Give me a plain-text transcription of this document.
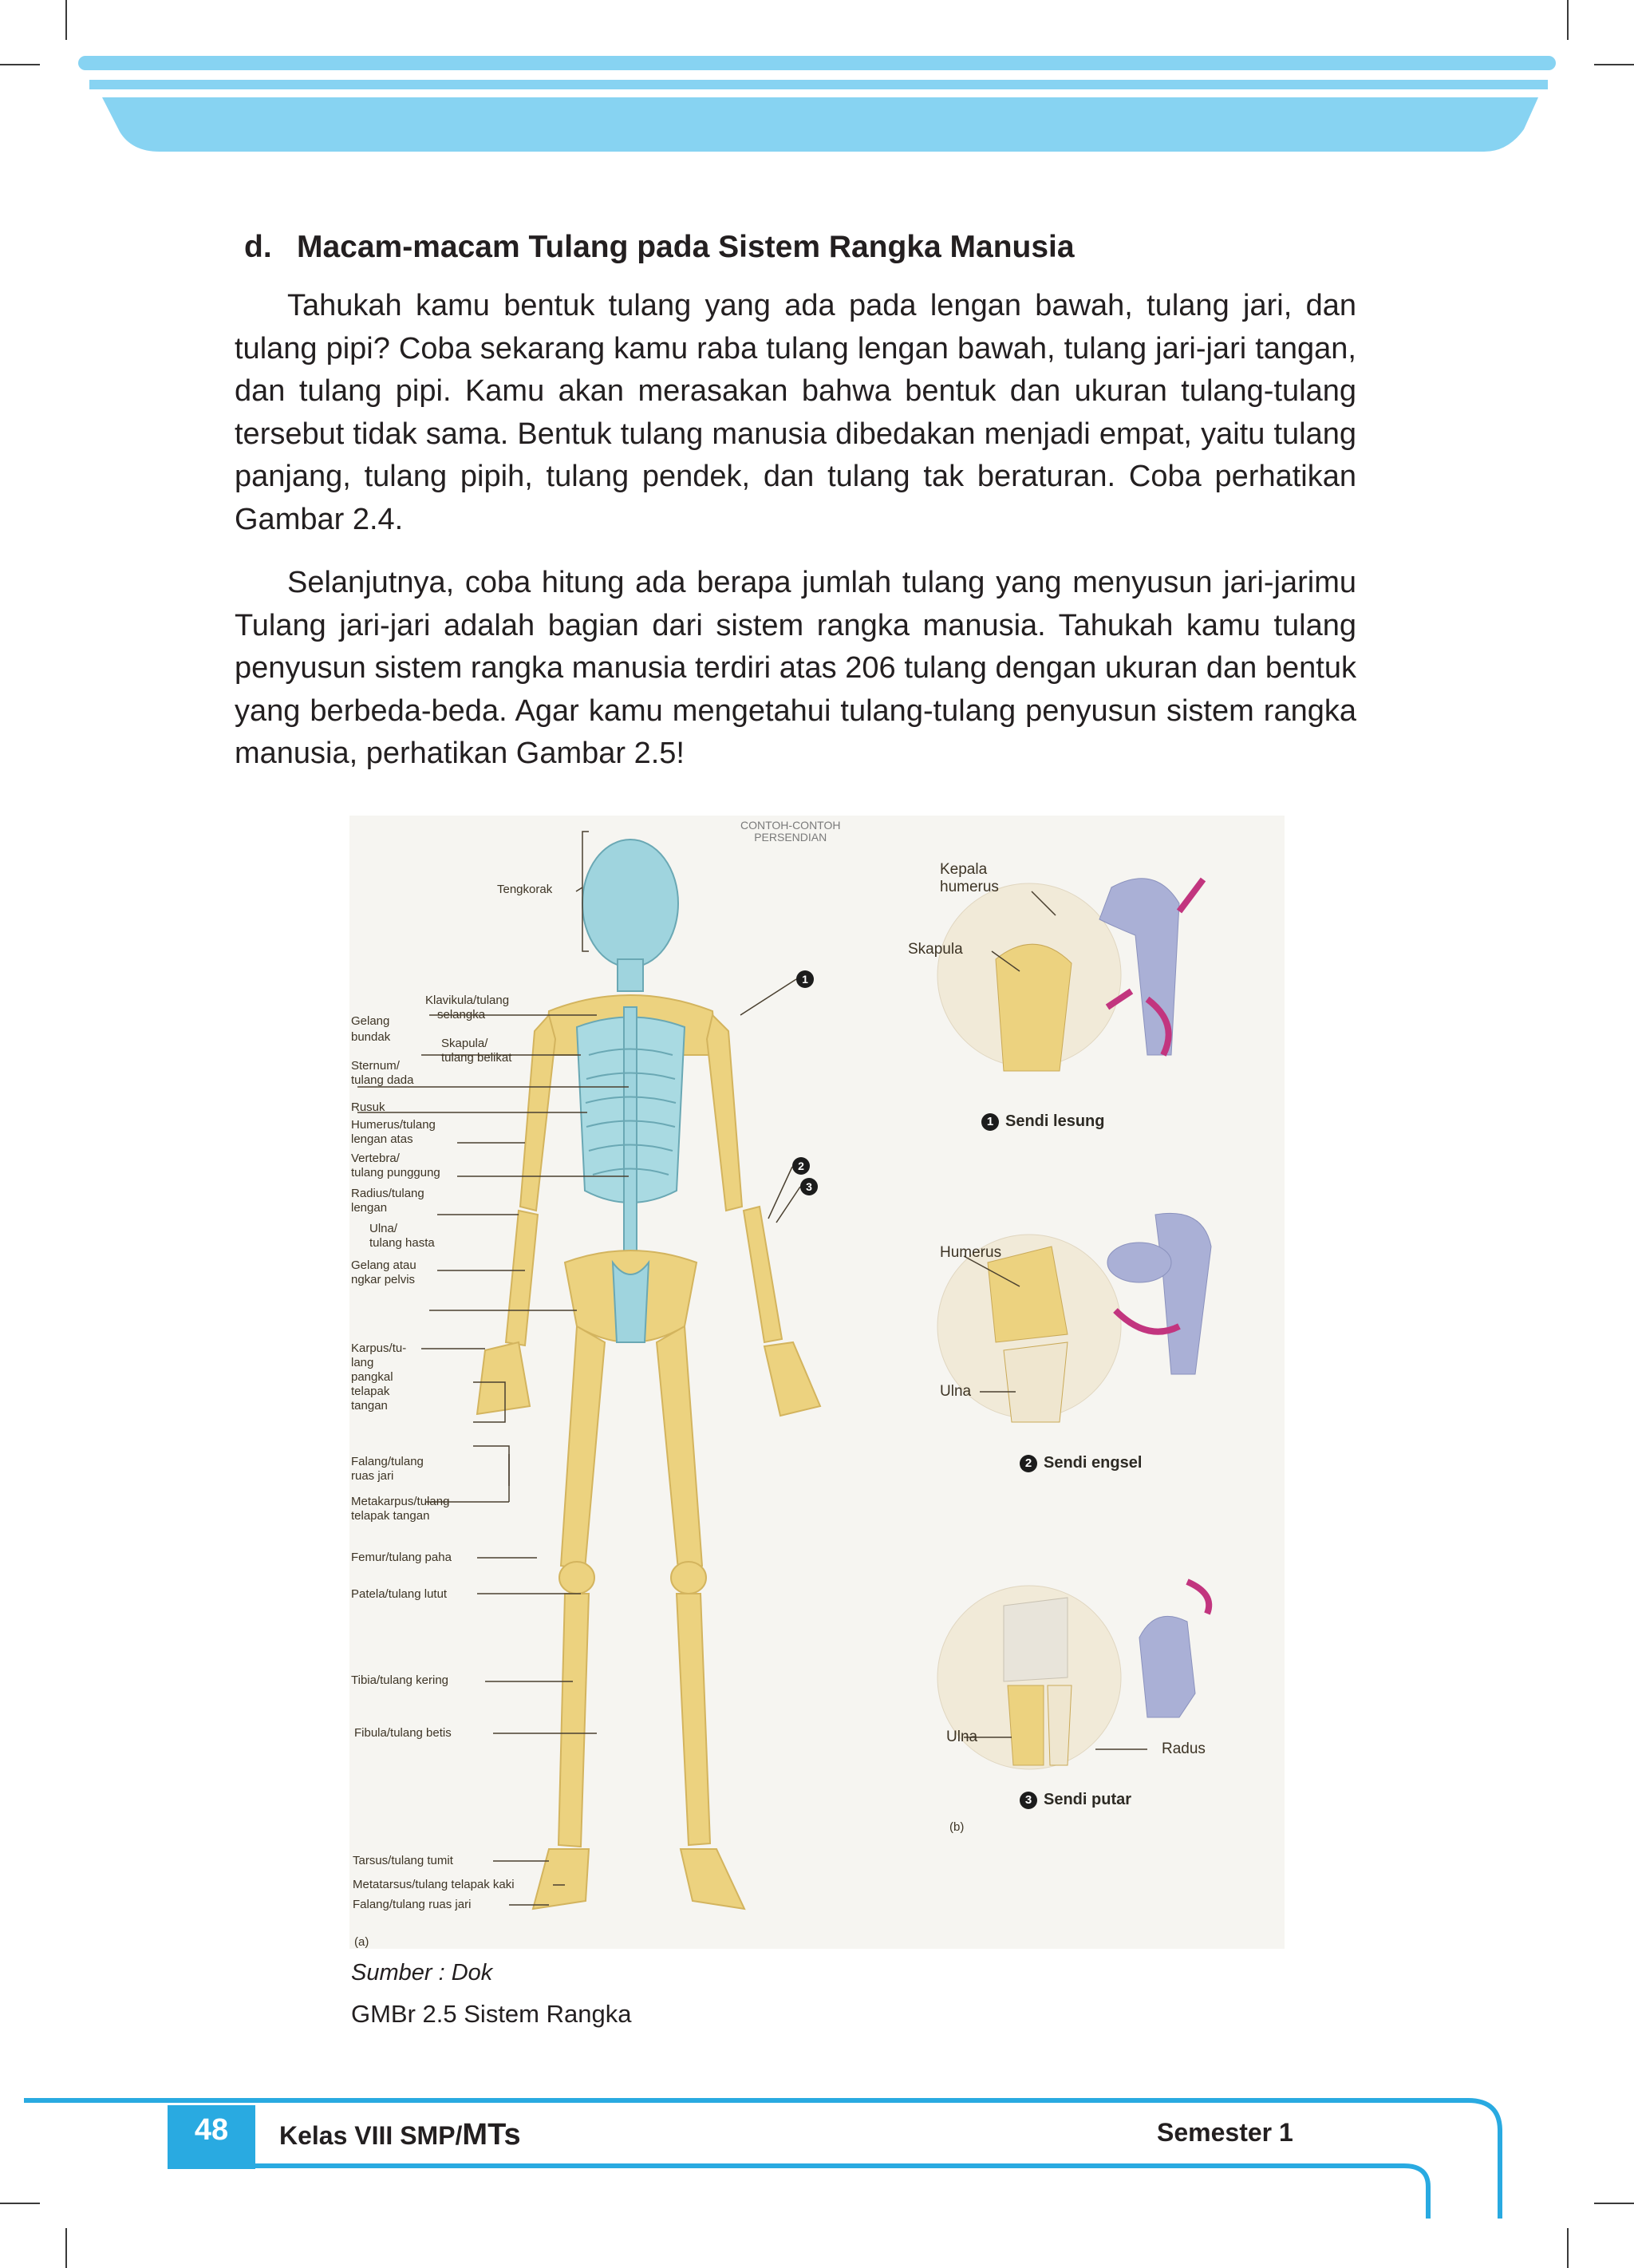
d. Macam-macam Tulang pada Sistem Rangka Manusia

Tahukah kamu bentuk tulang yang ada pada lengan bawah, tulang jari, dan tulang pipi? Coba sekarang kamu raba tulang lengan bawah, tulang jari-jari tangan, dan tulang pipi. Kamu akan merasakan bahwa bentuk dan ukuran tulang-tulang tersebut tidak sama. Bentuk tulang manusia dibedakan menjadi empat, yaitu tulang panjang, tulang pipih, tulang pendek, dan tulang tak beraturan. Coba perhatikan Gambar 2.4.

Selanjutnya, coba hitung ada berapa jumlah tulang yang menyusun jari-jarimu Tulang jari-jari adalah bagian dari sistem rangka manusia. Tahukah kamu tulang penyusun sistem rangka manusia terdiri atas 206 tulang dengan ukuran dan bentuk yang berbeda-beda. Agar kamu mengetahui tulang-tulang penyusun sistem rangka manusia, perhatikan Gambar 2.5!

CONTOH-CONTOH
PERSENDIAN
Tengkorak
Klavikula/tulang
selangka
Gelang
bundak	Skapula/
tulang belikat
Sternum/
tulang dada
Rusuk
Humerus/tulang
lengan atas
Vertebra/
tulang punggung
Radius/tulang
lengan
Ulna/
tulang hasta
Gelang atau
ngkar pelvis
Karpus/tu-
lang
pangkal
telapak
tangan
Falang/tulang
ruas jari
Metakarpus/tulang
telapak tangan
Femur/tulang paha
Patela/tulang lutut
Tibia/tulang kering
Fibula/tulang betis
Tarsus/tulang tumit
Metatarsus/tulang telapak kaki
Falang/tulang ruas jari
(a)
1
2
3
Kepala
humerus
Skapula
1 Sendi lesung
Humerus
Ulna
2 Sendi engsel
Ulna
Radus
3 Sendi putar
(b)
Sumber : Dok
GMBr 2.5 Sistem Rangka
48	Kelas VIII SMP/MTs	Semester 1
